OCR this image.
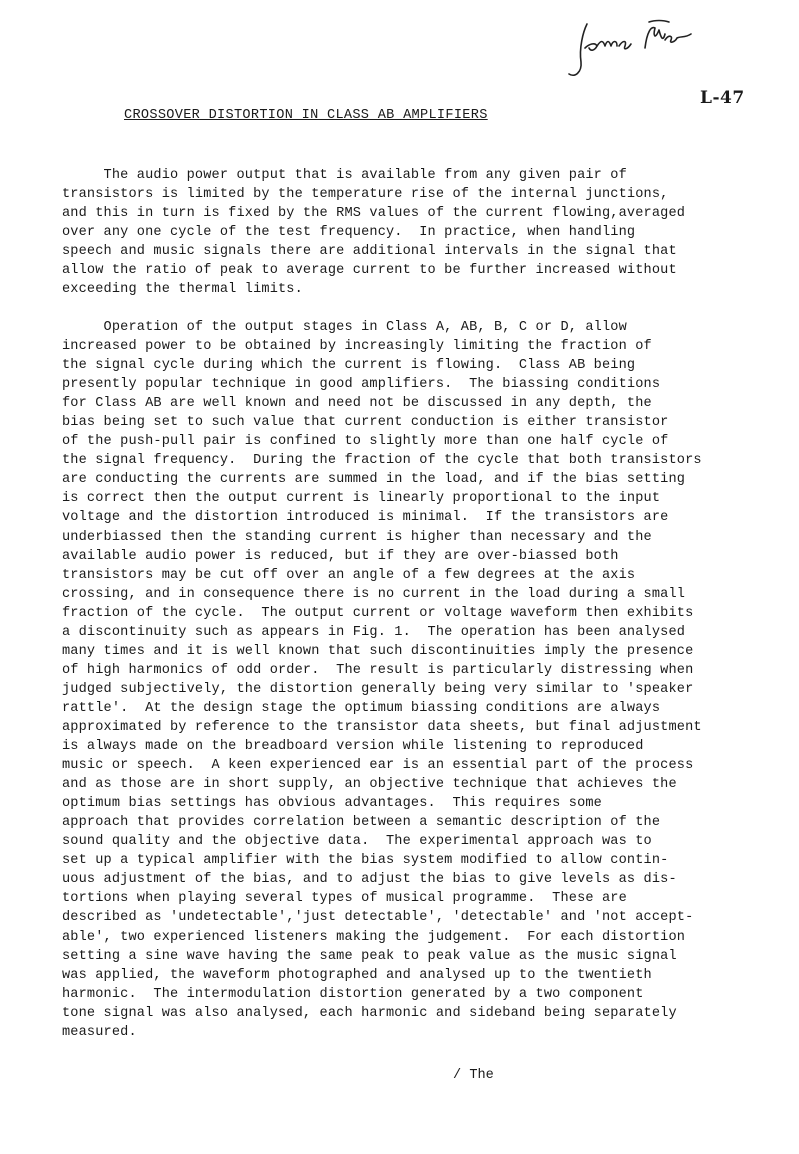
L-47
CROSSOVER DISTORTION IN CLASS AB AMPLIFIERS
The audio power output that is available from any given pair of
transistors is limited by the temperature rise of the internal junctions,
and this in turn is fixed by the RMS values of the current flowing,averaged
over any one cycle of the test frequency.  In practice, when handling
speech and music signals there are additional intervals in the signal that
allow the ratio of peak to average current to be further increased without
exceeding the thermal limits.
Operation of the output stages in Class A, AB, B, C or D, allow
increased power to be obtained by increasingly limiting the fraction of
the signal cycle during which the current is flowing.  Class AB being
presently popular technique in good amplifiers.  The biassing conditions
for Class AB are well known and need not be discussed in any depth, the
bias being set to such value that current conduction is either transistor
of the push-pull pair is confined to slightly more than one half cycle of
the signal frequency.  During the fraction of the cycle that both transistors
are conducting the currents are summed in the load, and if the bias setting
is correct then the output current is linearly proportional to the input
voltage and the distortion introduced is minimal.  If the transistors are
underbiassed then the standing current is higher than necessary and the
available audio power is reduced, but if they are over-biassed both
transistors may be cut off over an angle of a few degrees at the axis
crossing, and in consequence there is no current in the load during a small
fraction of the cycle.  The output current or voltage waveform then exhibits
a discontinuity such as appears in Fig. 1.  The operation has been analysed
many times and it is well known that such discontinuities imply the presence
of high harmonics of odd order.  The result is particularly distressing when
judged subjectively, the distortion generally being very similar to 'speaker
rattle'.  At the design stage the optimum biassing conditions are always
approximated by reference to the transistor data sheets, but final adjustment
is always made on the breadboard version while listening to reproduced
music or speech.  A keen experienced ear is an essential part of the process
and as those are in short supply, an objective technique that achieves the
optimum bias settings has obvious advantages.  This requires some
approach that provides correlation between a semantic description of the
sound quality and the objective data.  The experimental approach was to
set up a typical amplifier with the bias system modified to allow contin-
uous adjustment of the bias, and to adjust the bias to give levels as dis-
tortions when playing several types of musical programme.  These are
described as 'undetectable','just detectable', 'detectable' and 'not accept-
able', two experienced listeners making the judgement.  For each distortion
setting a sine wave having the same peak to peak value as the music signal
was applied, the waveform photographed and analysed up to the twentieth
harmonic.  The intermodulation distortion generated by a two component
tone signal was also analysed, each harmonic and sideband being separately
measured.
/ The
